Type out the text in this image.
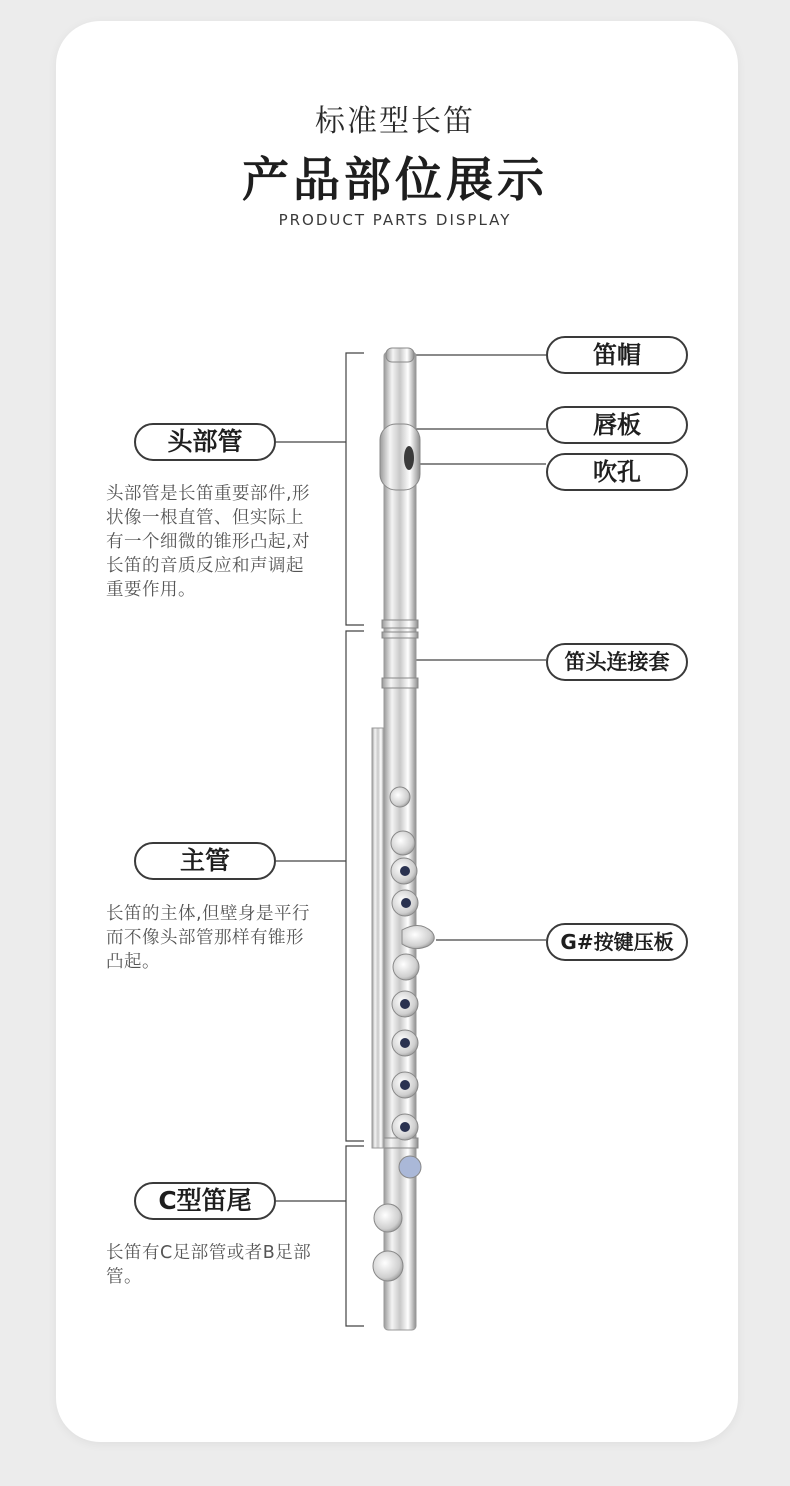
标准型长笛
产品部位展示
PRODUCT PARTS DISPLAY
头部管
头部管是长笛重要部件,形状像一根直管、但实际上有一个细微的锥形凸起,对长笛的音质反应和声调起重要作用。
主管
长笛的主体,但壁身是平行而不像头部管那样有锥形凸起。
C型笛尾
长笛有C足部管或者B足部管。
笛帽
唇板
吹孔
笛头连接套
G#按键压板
